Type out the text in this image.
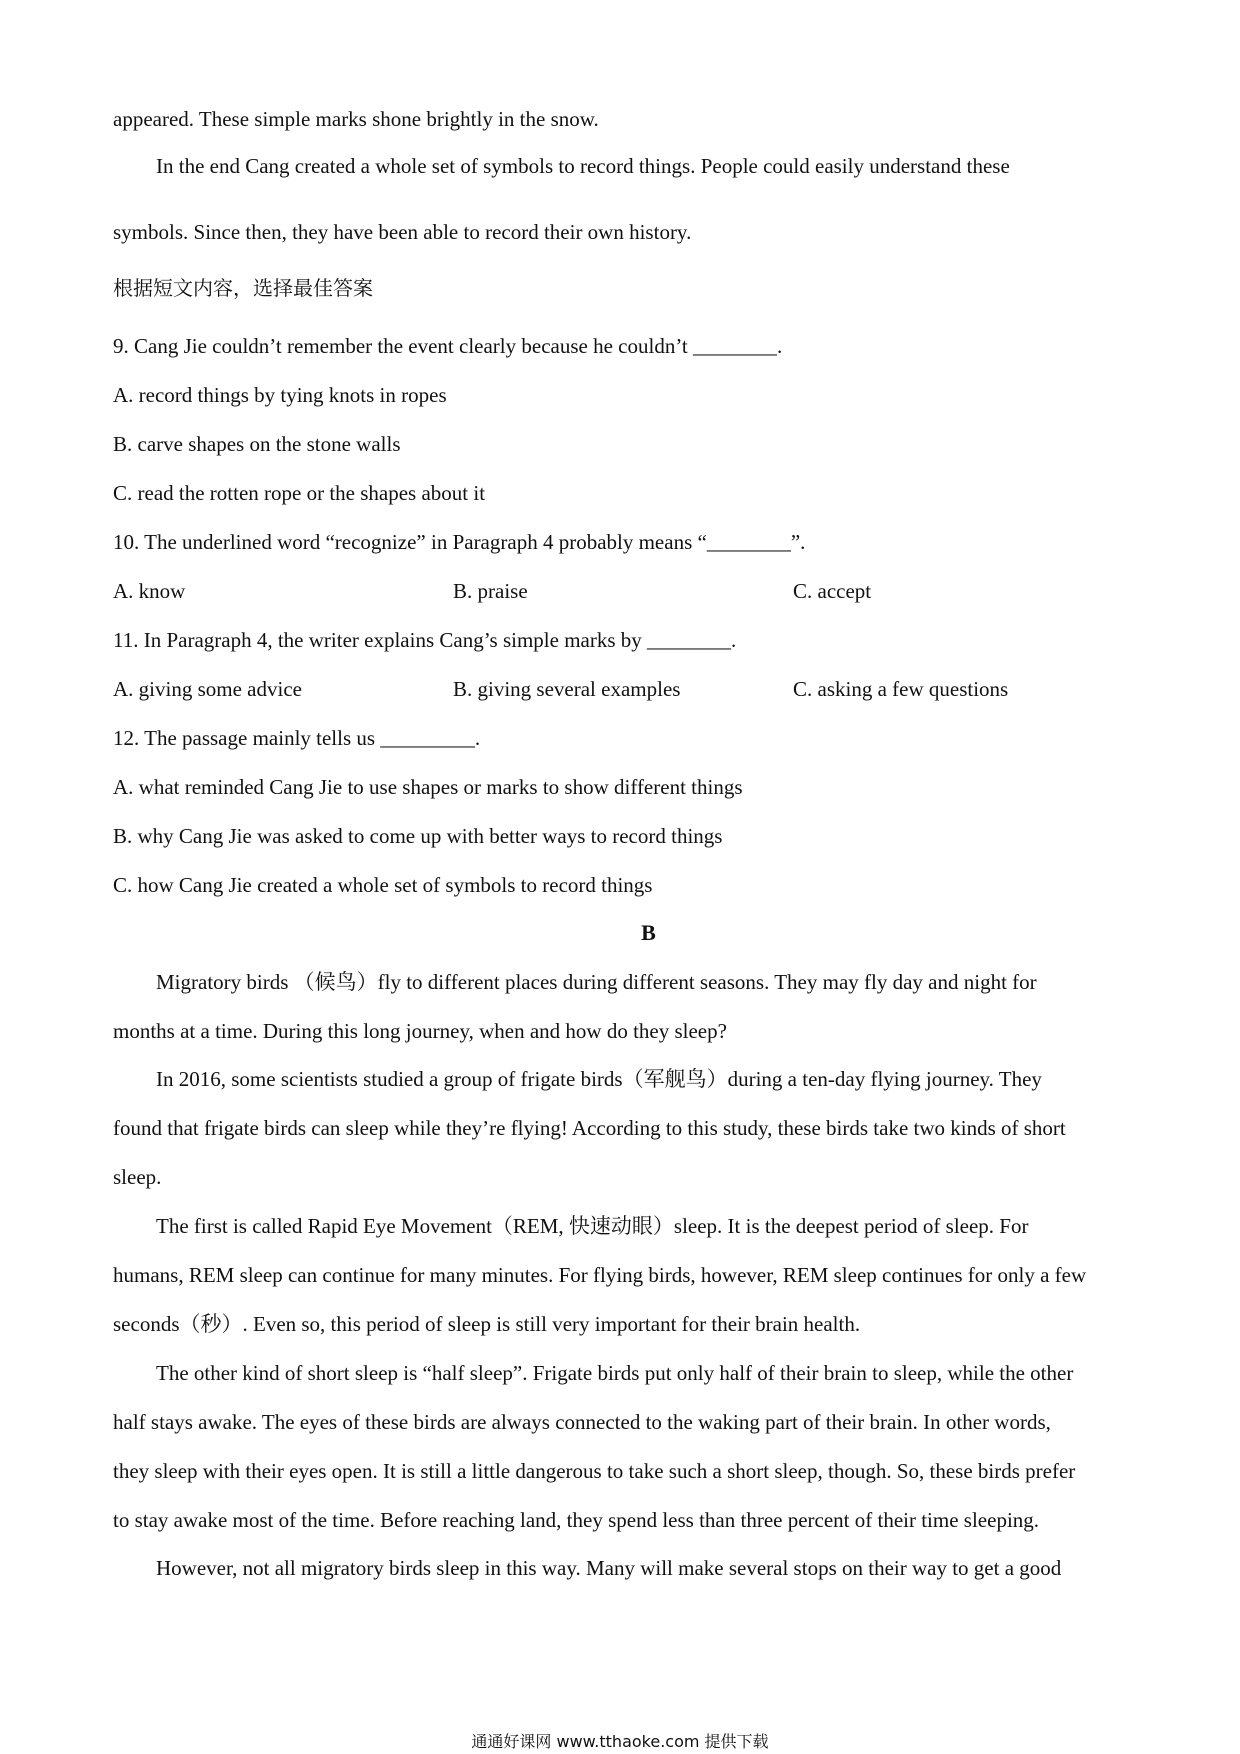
appeared. These simple marks shone brightly in the snow.
In the end Cang created a whole set of symbols to record things. People could easily understand these
symbols. Since then, they have been able to record their own history.
根据短文内容，选择最佳答案
9. Cang Jie couldn’t remember the event clearly because he couldn’t ________.
A. record things by tying knots in ropes
B. carve shapes on the stone walls
C. read the rotten rope or the shapes about it
10. The underlined word “recognize” in Paragraph 4 probably means “________”.
A. know	B. praise	C. accept
11. In Paragraph 4, the writer explains Cang’s simple marks by ________.
A. giving some advice	B. giving several examples	C. asking a few questions
12. The passage mainly tells us _________.
A. what reminded Cang Jie to use shapes or marks to show different things
B. why Cang Jie was asked to come up with better ways to record things
C. how Cang Jie created a whole set of symbols to record things
B
Migratory birds （候鸟）fly to different places during different seasons. They may fly day and night for
months at a time. During this long journey, when and how do they sleep?
In 2016, some scientists studied a group of frigate birds（军舰鸟）during a ten-day flying journey. They
found that frigate birds can sleep while they’re flying! According to this study, these birds take two kinds of short
sleep.
The first is called Rapid Eye Movement（REM, 快速动眼）sleep. It is the deepest period of sleep. For
humans, REM sleep can continue for many minutes. For flying birds, however, REM sleep continues for only a few
seconds（秒）. Even so, this period of sleep is still very important for their brain health.
The other kind of short sleep is “half sleep”. Frigate birds put only half of their brain to sleep, while the other
half stays awake. The eyes of these birds are always connected to the waking part of their brain. In other words,
they sleep with their eyes open. It is still a little dangerous to take such a short sleep, though. So, these birds prefer
to stay awake most of the time. Before reaching land, they spend less than three percent of their time sleeping.
However, not all migratory birds sleep in this way. Many will make several stops on their way to get a good
通通好课网 www.tthaoke.com 提供下载
